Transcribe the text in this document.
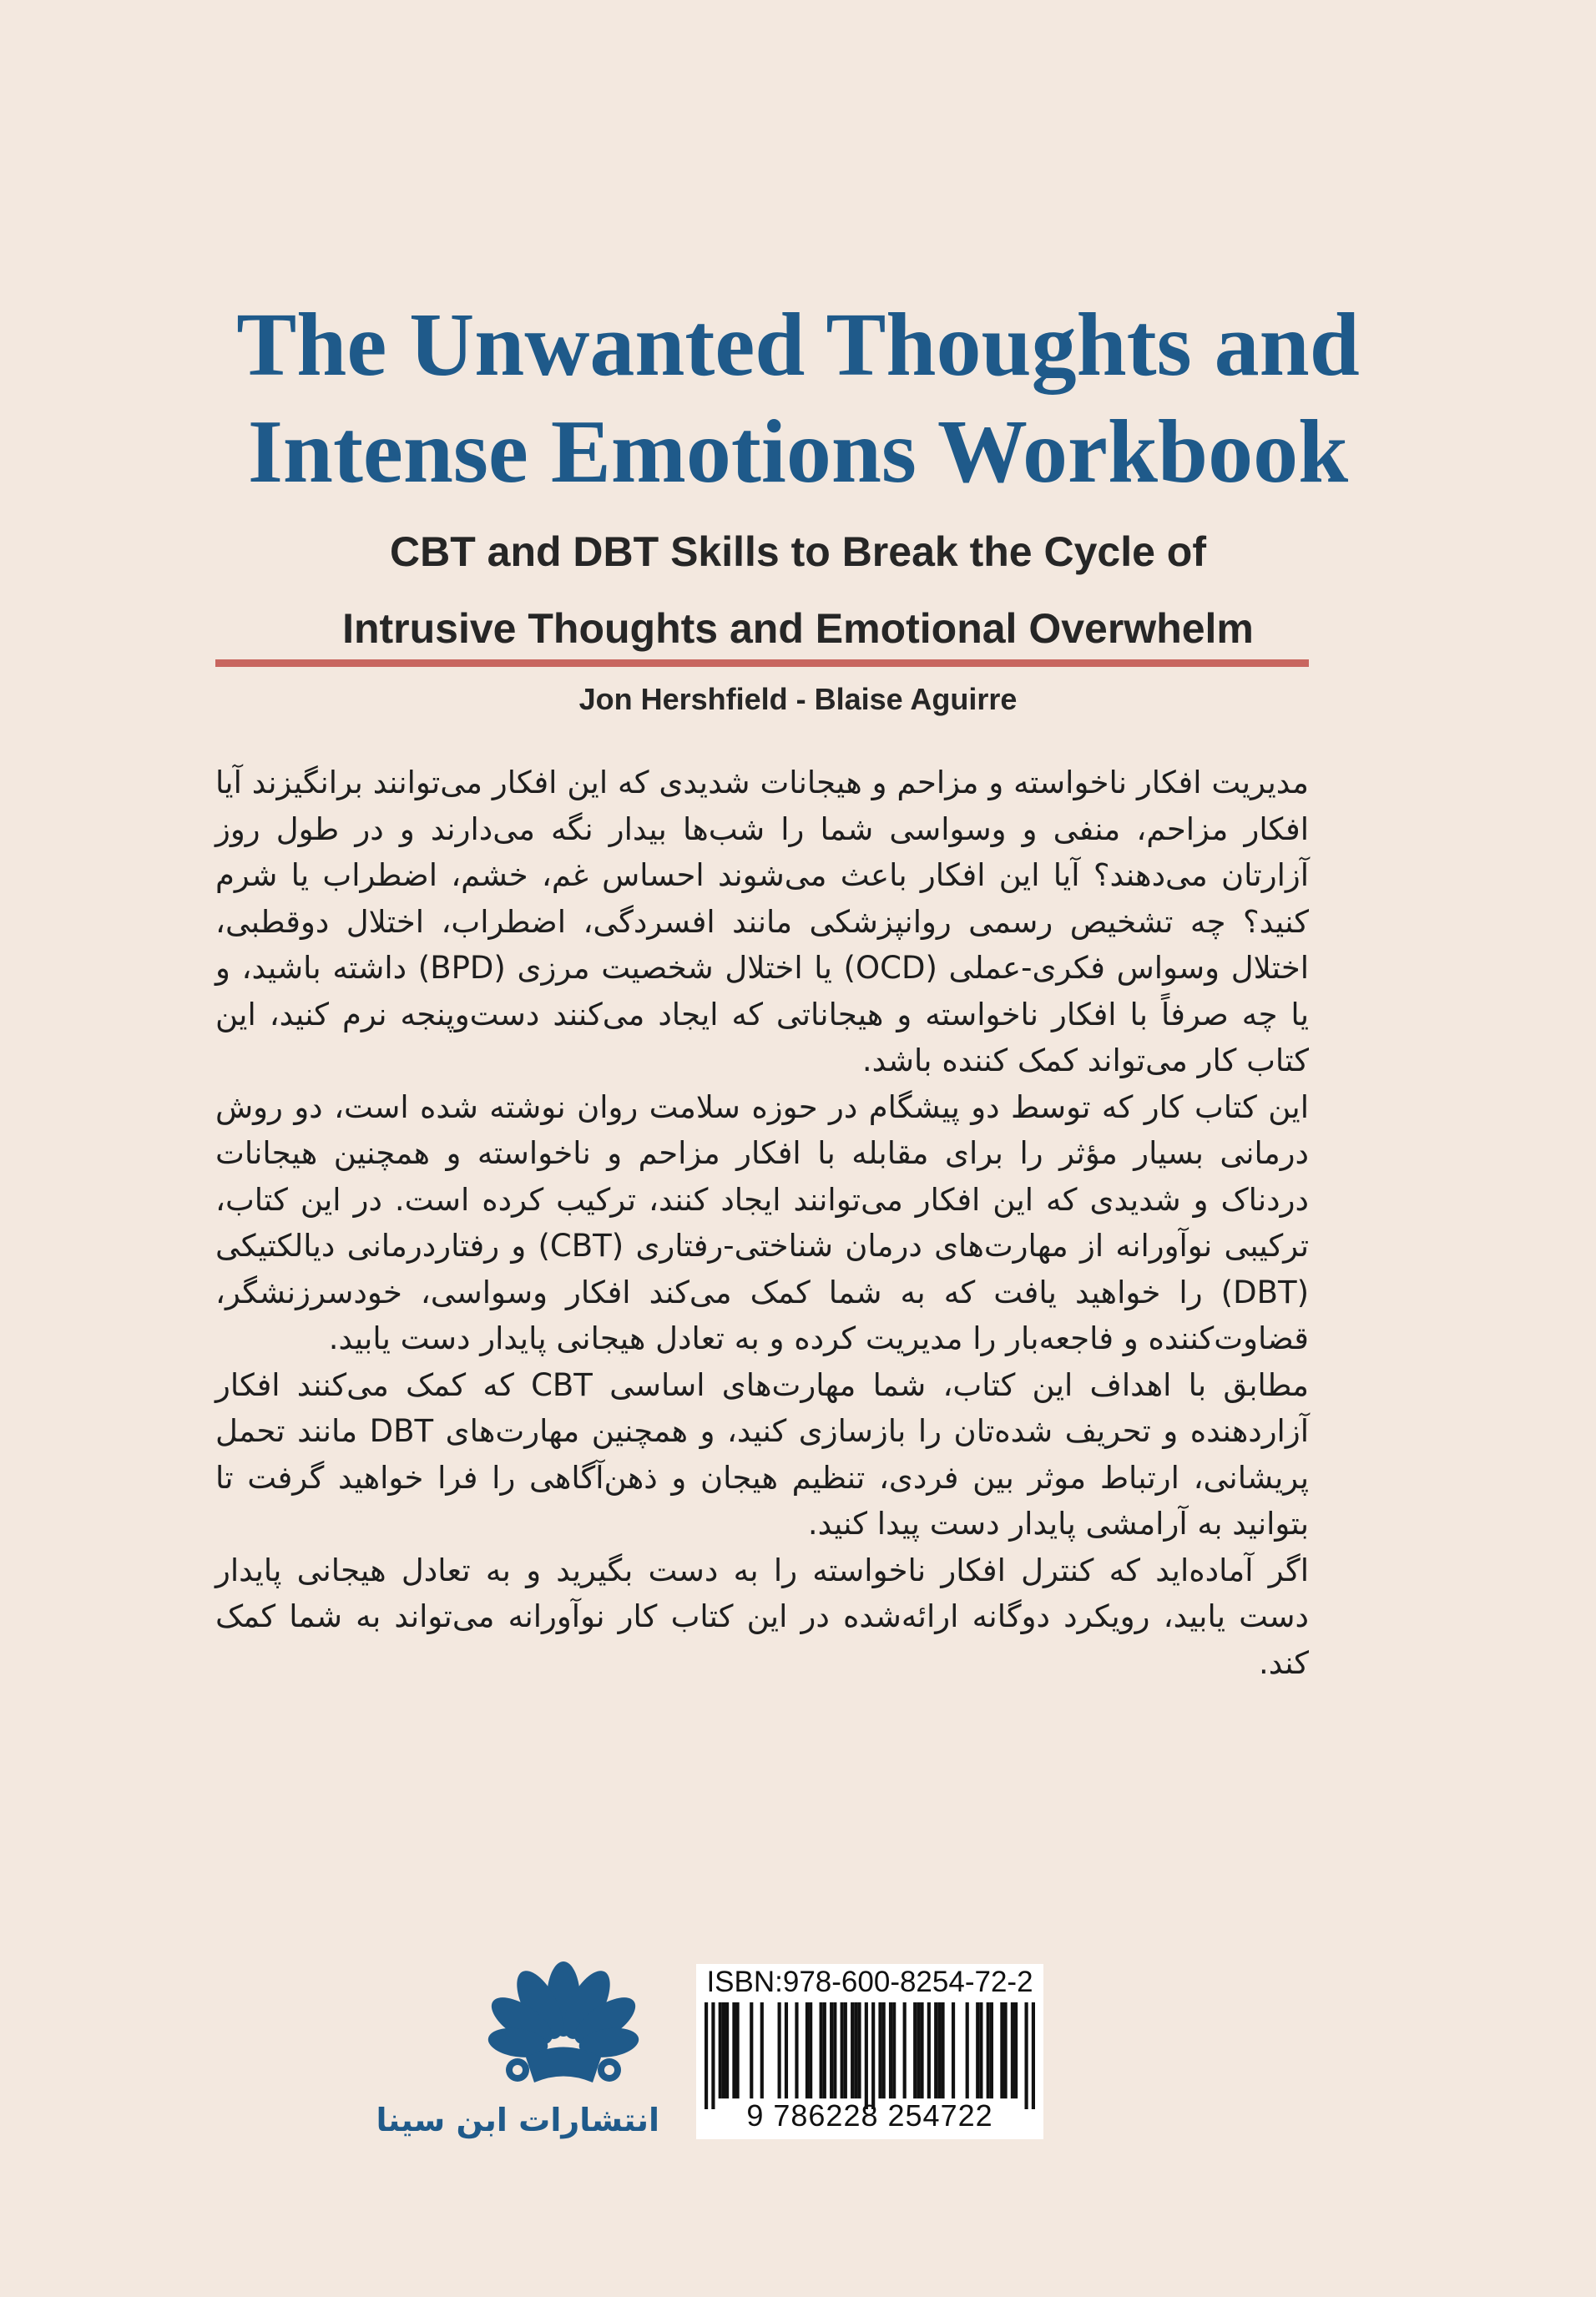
The Unwanted Thoughts and
Intense Emotions Workbook
CBT and DBT Skills to Break the Cycle of
Intrusive Thoughts and Emotional Overwhelm
Jon Hershfield - Blaise Aguirre

مدیریت افکار ناخواسته و مزاحم و هیجانات شدیدی که این افکار می‌توانند برانگیزند آیا افکار مزاحم، منفی و وسواسی شما را شب‌ها بیدار نگه می‌دارند و در طول روز آزارتان می‌دهند؟ آیا این افکار باعث می‌شوند احساس غم، خشم، اضطراب یا شرم کنید؟ چه تشخیص رسمی روانپزشکی مانند افسردگی، اضطراب، اختلال دوقطبی، اختلال وسواس فکری-عملی (OCD) یا اختلال شخصیت مرزی (BPD) داشته باشید، و یا چه صرفاً با افکار ناخواسته و هیجاناتی که ایجاد می‌کنند دست‌وپنجه نرم کنید، این کتاب کار می‌تواند کمک کننده باشد.

این کتاب کار که توسط دو پیشگام در حوزه سلامت روان نوشته شده است، دو روش درمانی بسیار مؤثر را برای مقابله با افکار مزاحم و ناخواسته و همچنین هیجانات دردناک و شدیدی که این افکار می‌توانند ایجاد کنند، ترکیب کرده است. در این کتاب، ترکیبی نوآورانه از مهارت‌های درمان شناختی-رفتاری (CBT) و رفتاردرمانی دیالکتیکی (DBT) را خواهید یافت که به شما کمک می‌کند افکار وسواسی، خودسرزنشگر، قضاوت‌کننده و فاجعه‌بار را مدیریت کرده و به تعادل هیجانی پایدار دست یابید.

مطابق با اهداف این کتاب، شما مهارت‌های اساسی CBT که کمک می‌کنند افکار آزاردهنده و تحریف شده‌تان را بازسازی کنید، و همچنین مهارت‌های DBT مانند تحمل پریشانی، ارتباط موثر بین فردی، تنظیم هیجان و ذهن‌آگاهی را فرا خواهید گرفت تا بتوانید به آرامشی پایدار دست پیدا کنید.

اگر آماده‌اید که کنترل افکار ناخواسته را به دست بگیرید و به تعادل هیجانی پایدار دست یابید، رویکرد دوگانه ارائه‌شده در این کتاب کار نوآورانه می‌تواند به شما کمک کند.

انتشارات ابن سینا
ISBN:978-600-8254-72-2
9 786228 254722
